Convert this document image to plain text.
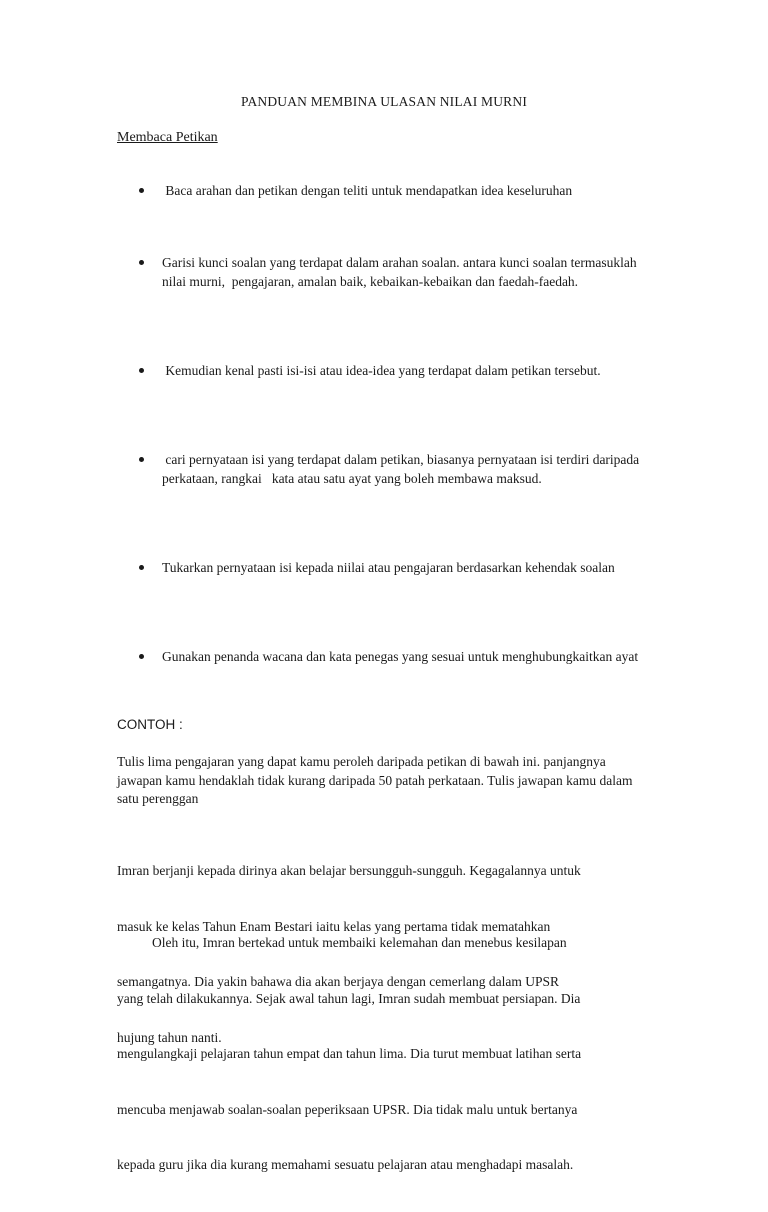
PANDUAN MEMBINA ULASAN NILAI MURNI
Membaca Petikan
Baca arahan dan petikan dengan teliti untuk mendapatkan idea keseluruhan
Garisi kunci soalan yang terdapat dalam arahan soalan. antara kunci soalan termasuklah nilai murni,  pengajaran, amalan baik, kebaikan-kebaikan dan faedah-faedah.
Kemudian kenal pasti isi-isi atau idea-idea yang terdapat dalam petikan tersebut.
cari pernyataan isi yang terdapat dalam petikan, biasanya pernyataan isi terdiri daripada perkataan, rangkai   kata atau satu ayat yang boleh membawa maksud.
Tukarkan pernyataan isi kepada niilai atau pengajaran berdasarkan kehendak soalan
Gunakan penanda wacana dan kata penegas yang sesuai untuk menghubungkaitkan ayat
CONTOH :
Tulis lima pengajaran yang dapat kamu peroleh daripada petikan di bawah ini. panjangnya jawapan kamu hendaklah tidak kurang daripada 50 patah perkataan. Tulis jawapan kamu dalam satu perenggan

Imran berjanji kepada dirinya akan belajar bersungguh-sungguh. Kegagalannya untuk

masuk ke kelas Tahun Enam Bestari iaitu kelas yang pertama tidak mematahkan

semangatnya. Dia yakin bahawa dia akan berjaya dengan cemerlang dalam UPSR

hujung tahun nanti.

Oleh itu, Imran bertekad untuk membaiki kelemahan dan menebus kesilapan

yang telah dilakukannya. Sejak awal tahun lagi, Imran sudah membuat persiapan. Dia

mengulangkaji pelajaran tahun empat dan tahun lima. Dia turut membuat latihan serta

mencuba menjawab soalan-soalan peperiksaan UPSR. Dia tidak malu untuk bertanya

kepada guru jika dia kurang memahami sesuatu pelajaran atau menghadapi masalah.
